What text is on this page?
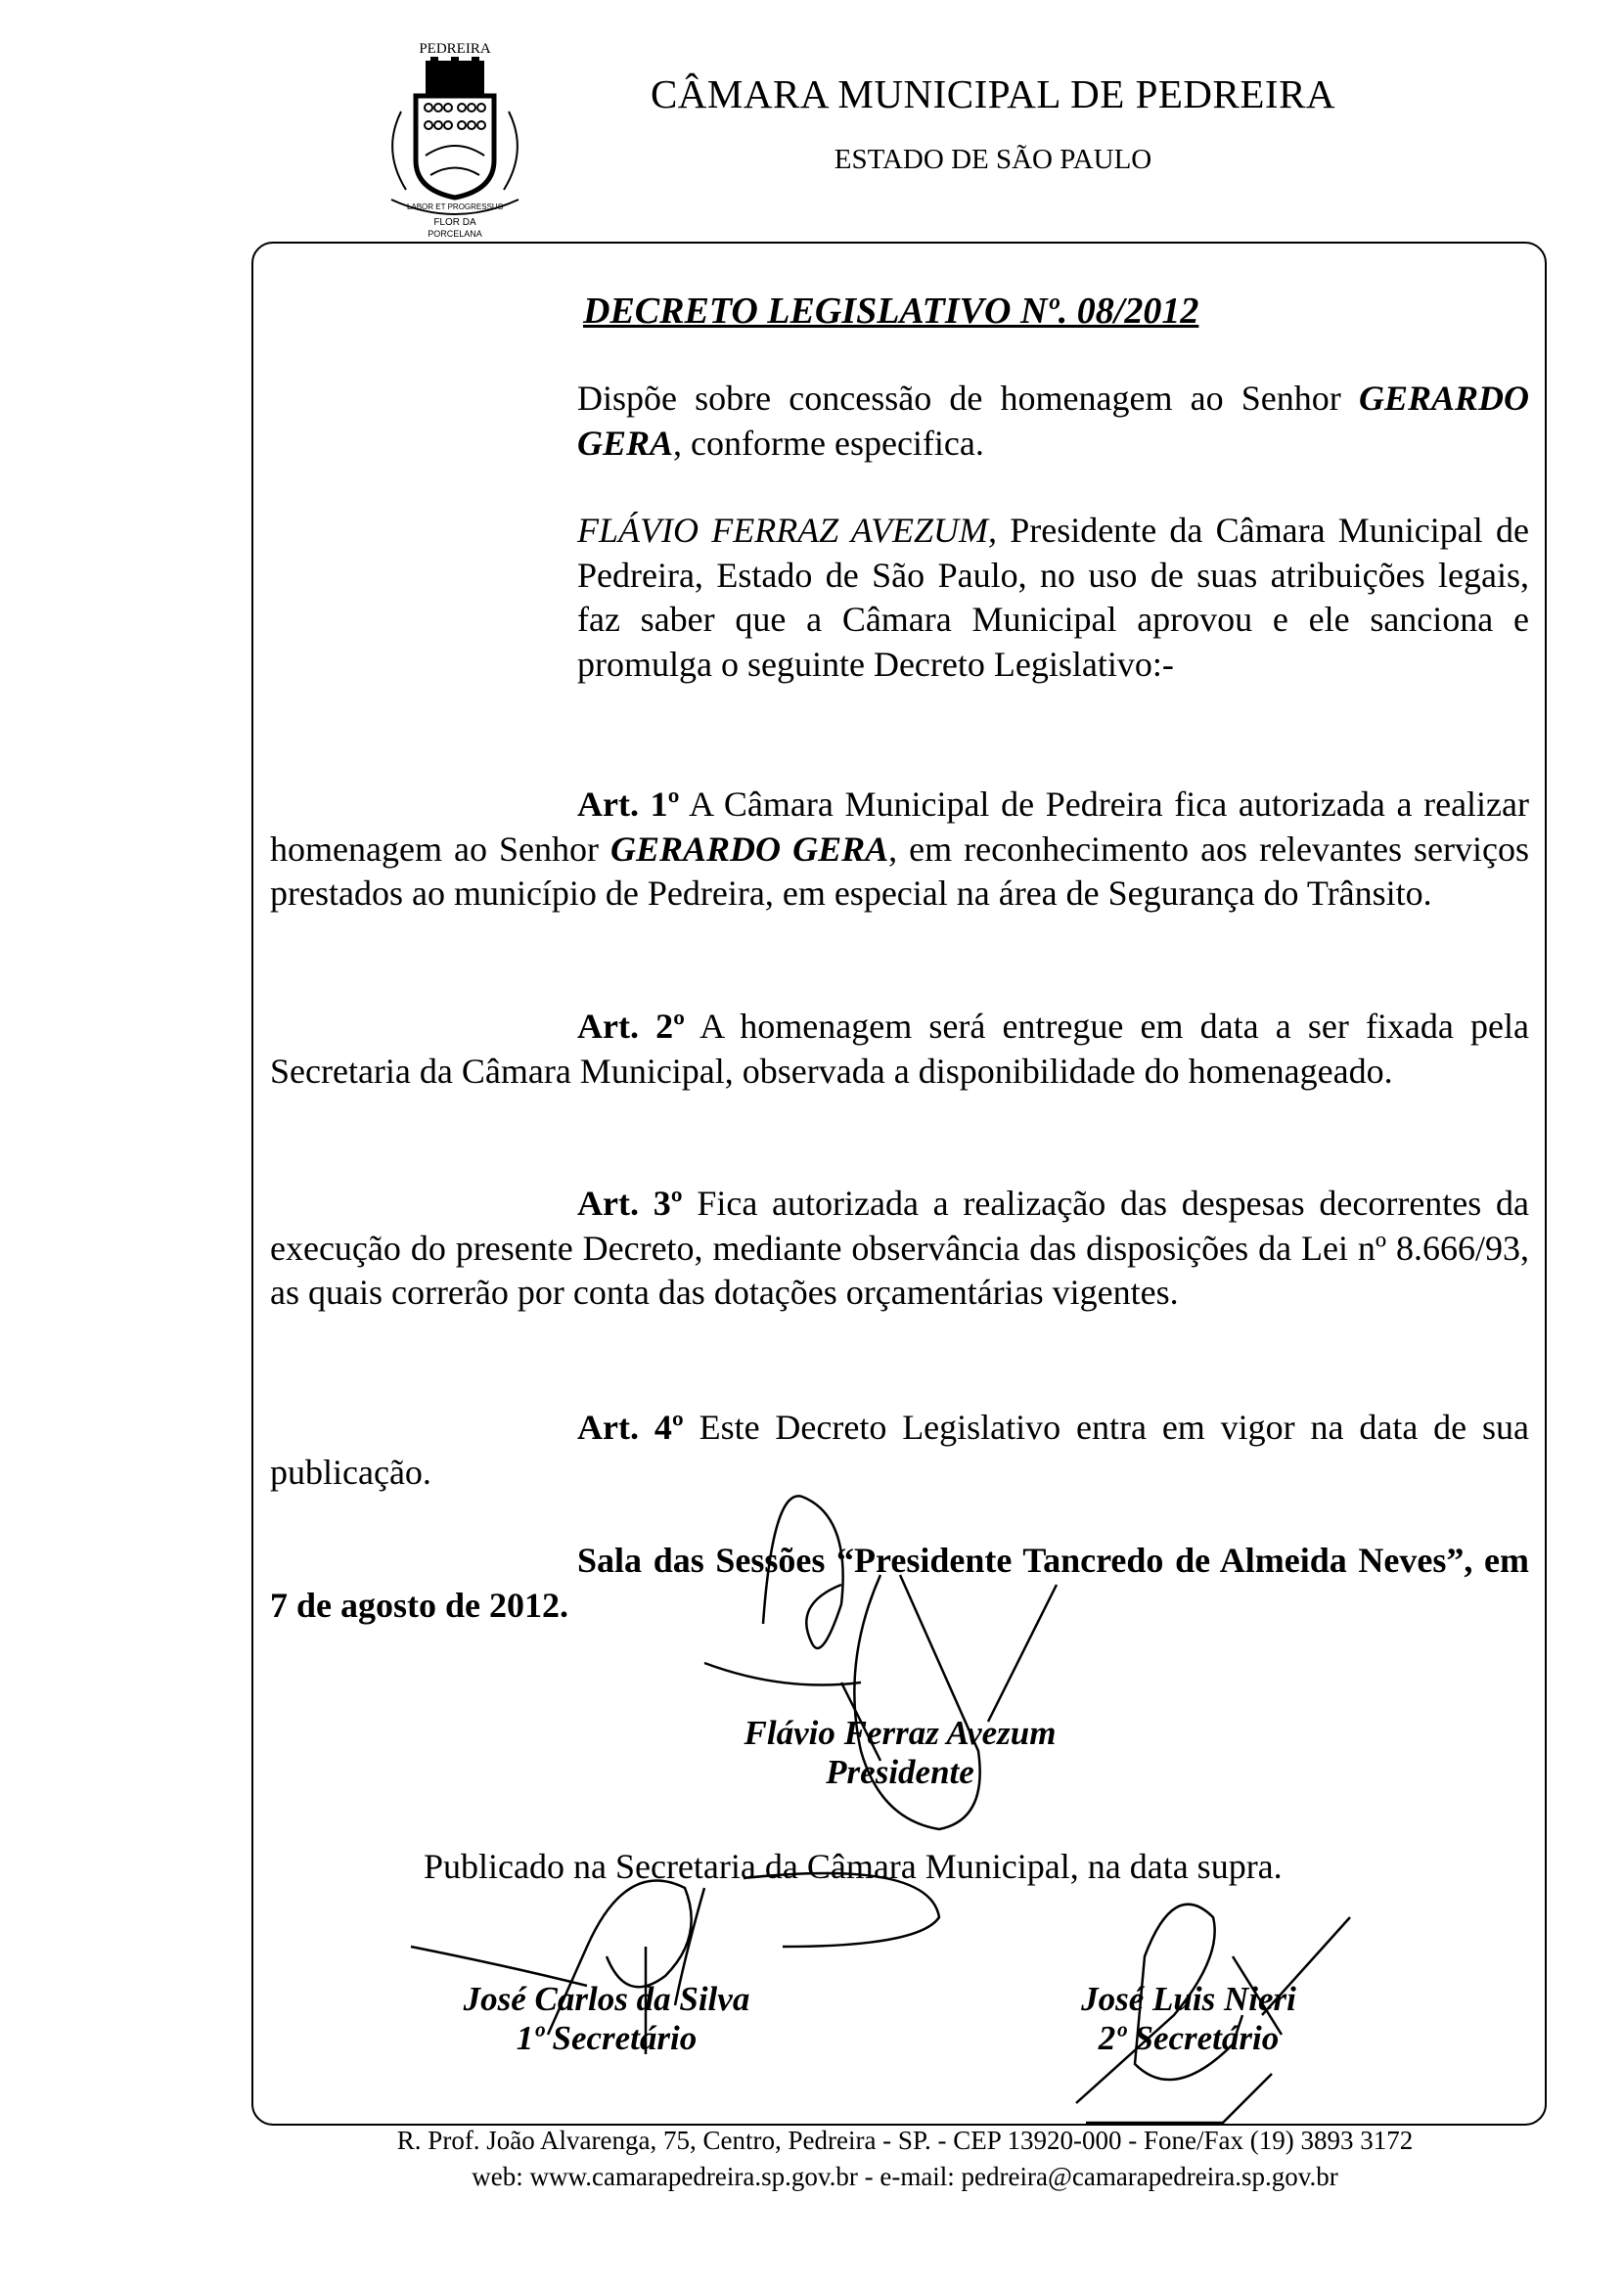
PEDREIRA
LABOR ET PROGRESSUS
FLOR DA
PORCELANA
CÂMARA MUNICIPAL DE PEDREIRA
ESTADO DE SÃO PAULO
DECRETO LEGISLATIVO Nº. 08/2012
Dispõe sobre concessão de homenagem ao Senhor GERARDO GERA, conforme especifica.
FLÁVIO FERRAZ AVEZUM, Presidente da Câmara Municipal de Pedreira, Estado de São Paulo, no uso de suas atribuições legais, faz saber que a Câmara Municipal aprovou e ele sanciona e promulga o seguinte Decreto Legislativo:-
Art. 1º A Câmara Municipal de Pedreira fica autorizada a realizar homenagem ao Senhor GERARDO GERA, em reconhecimento aos relevantes serviços prestados ao município de Pedreira, em especial na área de Segurança do Trânsito.
Art. 2º A homenagem será entregue em data a ser fixada pela Secretaria da Câmara Municipal, observada a disponibilidade do homenageado.
Art. 3º Fica autorizada a realização das despesas decorrentes da execução do presente Decreto, mediante observância das disposições da Lei nº 8.666/93, as quais correrão por conta das dotações orçamentárias vigentes.
Art. 4º Este Decreto Legislativo entra em vigor na data de sua publicação.
Sala das Sessões “Presidente Tancredo de Almeida Neves”, em 7 de agosto de 2012.
Flávio Ferraz Avezum
Presidente
Publicado na Secretaria da Câmara Municipal, na data supra.
José Carlos da Silva
1º Secretário
José Luis Nieri
2º Secretário
R. Prof. João Alvarenga, 75, Centro, Pedreira - SP. - CEP 13920-000 - Fone/Fax (19) 3893 3172
web: www.camarapedreira.sp.gov.br - e-mail: pedreira@camarapedreira.sp.gov.br
